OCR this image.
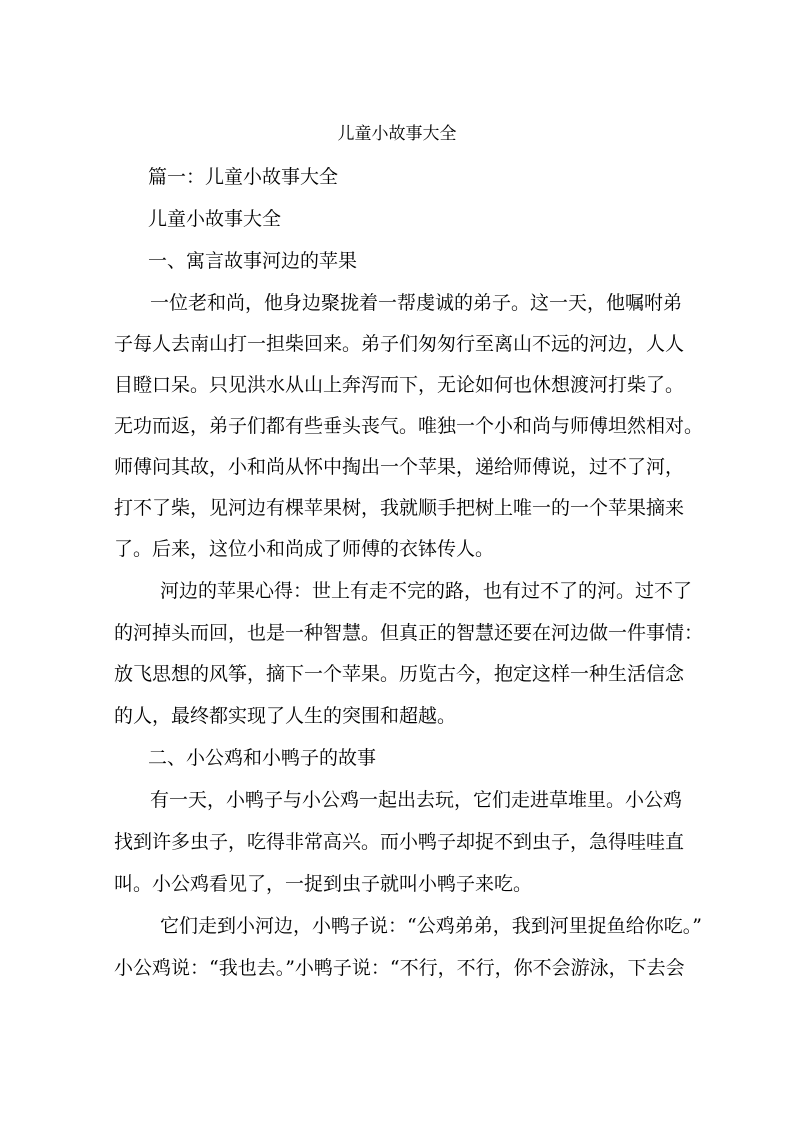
儿童小故事大全
篇一：儿童小故事大全
儿童小故事大全
一、寓言故事河边的苹果
一位老和尚，他身边聚拢着一帮虔诚的弟子。这一天，他嘱咐弟
子每人去南山打一担柴回来。弟子们匆匆行至离山不远的河边，人人
目瞪口呆。只见洪水从山上奔泻而下，无论如何也休想渡河打柴了。
无功而返，弟子们都有些垂头丧气。唯独一个小和尚与师傅坦然相对。
师傅问其故，小和尚从怀中掏出一个苹果，递给师傅说，过不了河，
打不了柴，见河边有棵苹果树，我就顺手把树上唯一的一个苹果摘来
了。后来，这位小和尚成了师傅的衣钵传人。
河边的苹果心得：世上有走不完的路，也有过不了的河。过不了
的河掉头而回，也是一种智慧。但真正的智慧还要在河边做一件事情：
放飞思想的风筝，摘下一个苹果。历览古今，抱定这样一种生活信念
的人，最终都实现了人生的突围和超越。
二、小公鸡和小鸭子的故事
有一天，小鸭子与小公鸡一起出去玩，它们走进草堆里。小公鸡
找到许多虫子，吃得非常高兴。而小鸭子却捉不到虫子，急得哇哇直
叫。小公鸡看见了，一捉到虫子就叫小鸭子来吃。
它们走到小河边，小鸭子说：“公鸡弟弟，我到河里捉鱼给你吃。”
小公鸡说：“我也去。”小鸭子说：“不行，不行，你不会游泳，下去会
